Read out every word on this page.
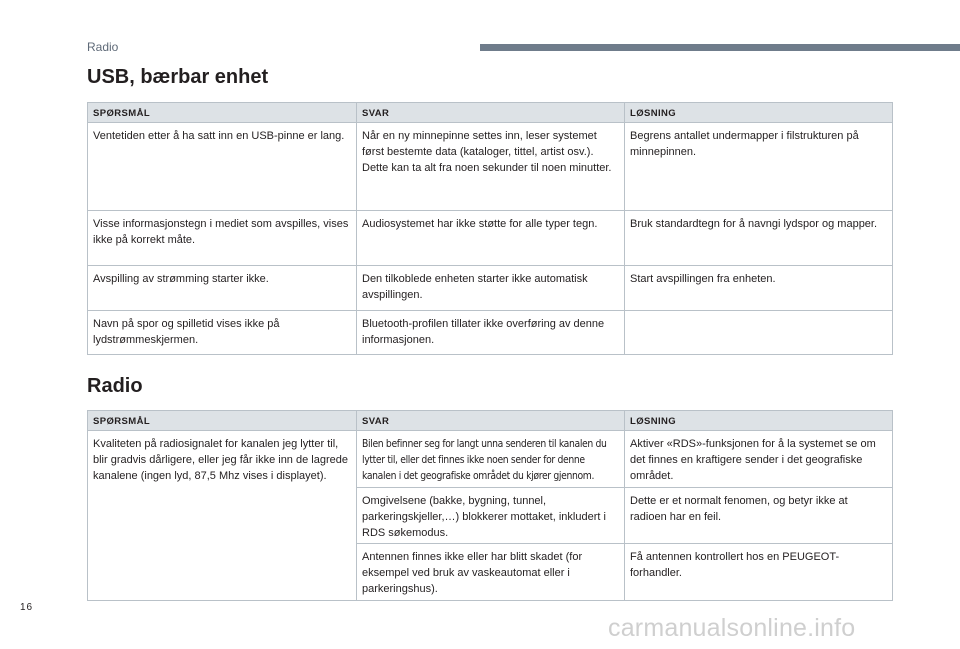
Radio
USB, bærbar enhet
SPØRSMÅL	SVAR	LØSNING
Ventetiden etter å ha satt inn en USB-pinne er lang.	Når en ny minnepinne settes inn, leser systemet først bestemte data (kataloger, tittel, artist osv.). Dette kan ta alt fra noen sekunder til noen minutter.	Begrens antallet undermapper i filstrukturen på minnepinnen.
Visse informasjonstegn i mediet som avspilles, vises ikke på korrekt måte.	Audiosystemet har ikke støtte for alle typer tegn.	Bruk standardtegn for å navngi lydspor og mapper.
Avspilling av strømming starter ikke.	Den tilkoblede enheten starter ikke automatisk avspillingen.	Start avspillingen fra enheten.
Navn på spor og spilletid vises ikke på lydstrømmeskjermen.	Bluetooth-profilen tillater ikke overføring av denne informasjonen.	
Radio
SPØRSMÅL	SVAR	LØSNING
Kvaliteten på radiosignalet for kanalen jeg lytter til, blir gradvis dårligere, eller jeg får ikke inn de lagrede kanalene (ingen lyd, 87,5 Mhz vises i displayet).	Bilen befinner seg for langt unna senderen til kanalen du lytter til, eller det finnes ikke noen sender for denne kanalen i det geografiske området du kjører gjennom.	Aktiver «RDS»-funksjonen for å la systemet se om det finnes en kraftigere sender i det geografiske området.
	Omgivelsene (bakke, bygning, tunnel, parkeringskjeller,…) blokkerer mottaket, inkludert i RDS søkemodus.	Dette er et normalt fenomen, og betyr ikke at radioen har en feil.
	Antennen finnes ikke eller har blitt skadet (for eksempel ved bruk av vaskeautomat eller i parkeringshus).	Få antennen kontrollert hos en PEUGEOT-forhandler.
16
carmanualsonline.info
